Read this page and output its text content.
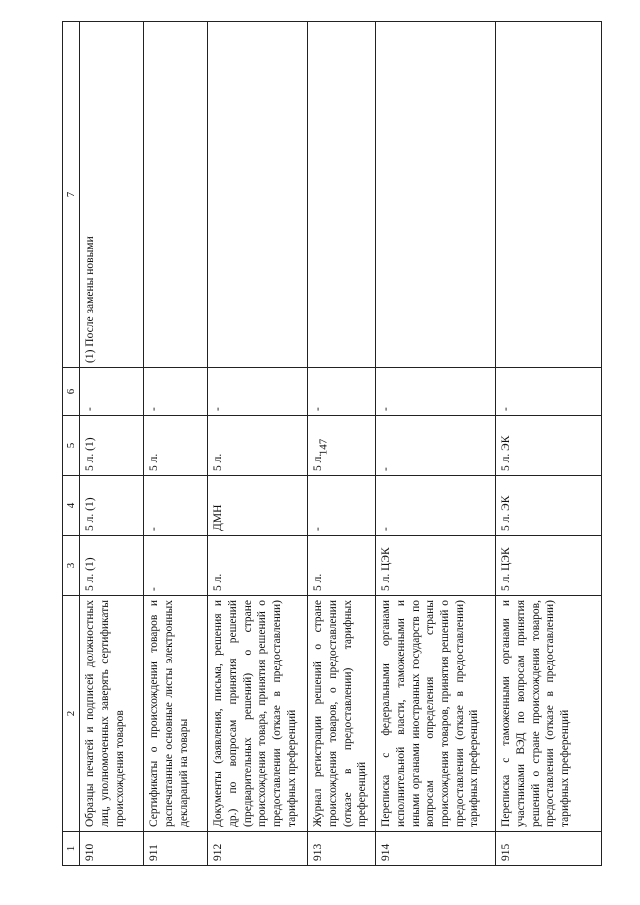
147
1	2	3	4	5	6	7
910	Образцы печатей и подписей должностных лиц, уполномоченных заверять сертификаты происхождения товаров	5 л. (1)	5 л. (1)	5 л. (1)	-	(1) После замены новыми
911	Сертификаты о происхождении товаров и распечатанные основные листы электронных деклараций на товары	-	-	5 л.	-	
912	Документы (заявления, письма, решения и др.) по вопросам принятия решений (предварительных решений) о стране происхождения товара, принятия решений о предоставлении (отказе в предоставлении) тарифных преференций	5 л.	ДМН	5 л.	-	
913	Журнал регистрации решений о стране происхождения товаров, о предоставлении (отказе в предоставлении) тарифных преференций	5 л.	-	5 л.	-	
914	Переписка с федеральными органами исполнительной власти, таможенными и иными органами иностранных государств по вопросам определения страны происхождения товаров, принятия решений о предоставлении (отказе в предоставлении) тарифных преференций	5 л. ЦЭК	-	-	-	
915	Переписка с таможенными органами и участниками ВЭД по вопросам принятия решений о стране происхождения товаров, предоставлении (отказе в предоставлении) тарифных преференций	5 л. ЦЭК	5 л. ЭК	5 л. ЭК	-	
